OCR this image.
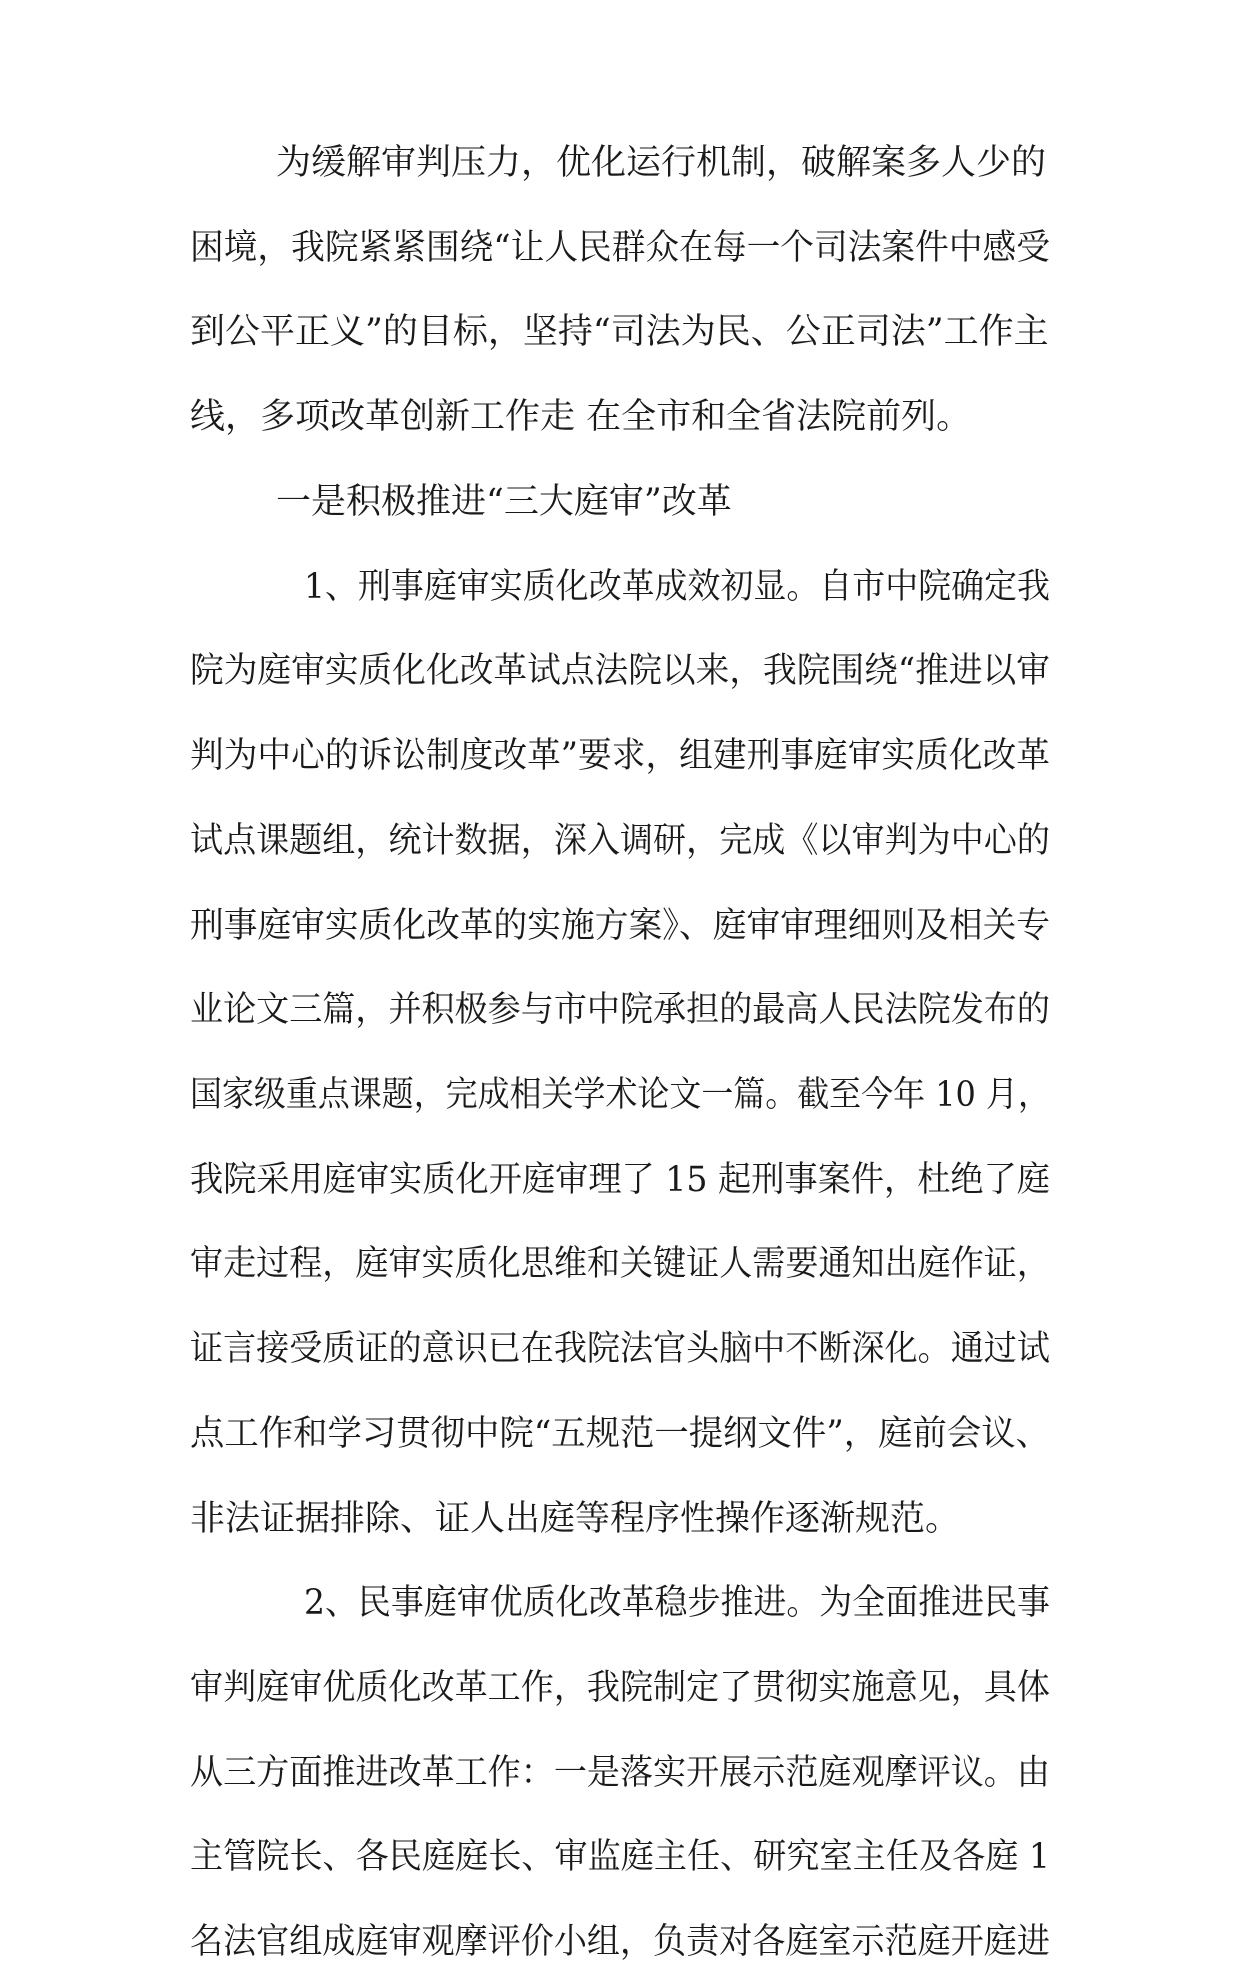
为缓解审判压力，优化运行机制，破解案多人少的
困境，我院紧紧围绕“让人民群众在每一个司法案件中感受
到公平正义”的目标，坚持“司法为民、公正司法”工作主
线，多项改革创新工作走 在全市和全省法院前列。
一是积极推进“三大庭审”改革
1、刑事庭审实质化改革成效初显。自市中院确定我
院为庭审实质化化改革试点法院以来，我院围绕“推进以审
判为中心的诉讼制度改革”要求，组建刑事庭审实质化改革
试点课题组，统计数据，深入调研，完成《以审判为中心的
刑事庭审实质化改革的实施方案》、庭审审理细则及相关专
业论文三篇，并积极参与市中院承担的最高人民法院发布的
国家级重点课题，完成相关学术论文一篇。截至今年 10 月，
我院采用庭审实质化开庭审理了 15 起刑事案件，杜绝了庭
审走过程，庭审实质化思维和关键证人需要通知出庭作证，
证言接受质证的意识已在我院法官头脑中不断深化。通过试
点工作和学习贯彻中院“五规范一提纲文件”，庭前会议、
非法证据排除、证人出庭等程序性操作逐渐规范。
2、民事庭审优质化改革稳步推进。为全面推进民事
审判庭审优质化改革工作，我院制定了贯彻实施意见，具体
从三方面推进改革工作：一是落实开展示范庭观摩评议。由
主管院长、各民庭庭长、审监庭主任、研究室主任及各庭 1
名法官组成庭审观摩评价小组，负责对各庭室示范庭开庭进
